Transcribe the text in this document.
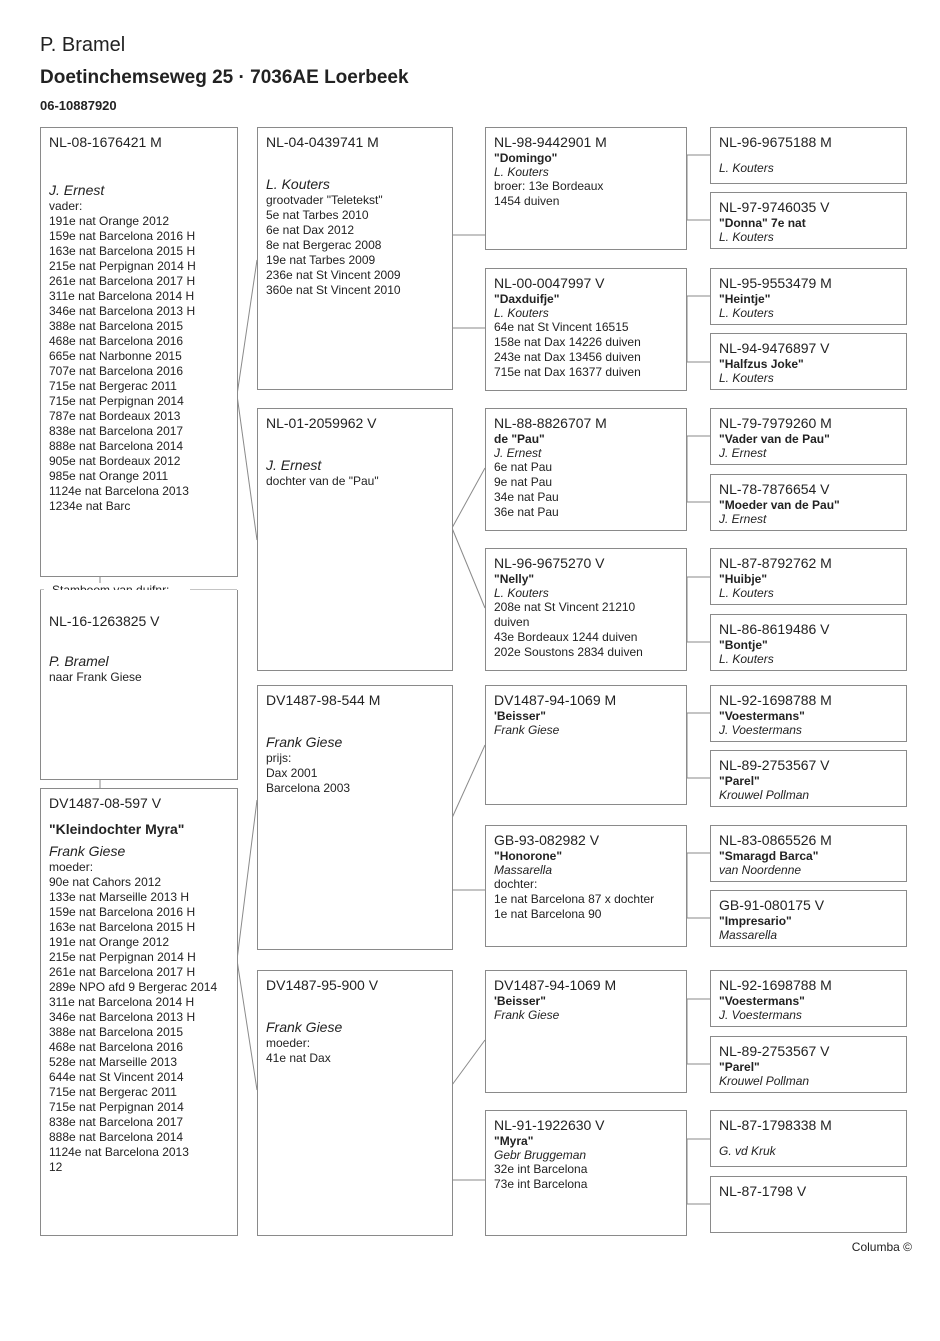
P. Bramel
Doetinchemseweg 25 · 7036AE Loerbeek
06-10887920
NL-08-1676421 M
J. Ernest
vader:
191e nat Orange 2012
159e nat Barcelona 2016 H
163e nat Barcelona 2015 H
215e nat Perpignan 2014 H
261e nat Barcelona 2017 H
311e nat Barcelona 2014 H
346e nat Barcelona 2013 H
388e nat Barcelona 2015
468e nat Barcelona 2016
665e nat Narbonne 2015
707e nat Barcelona 2016
715e nat Bergerac 2011
715e nat Perpignan 2014
787e nat Bordeaux 2013
838e nat Barcelona 2017
888e nat Barcelona 2014
905e nat Bordeaux 2012
985e nat Orange 2011
1124e nat Barcelona 2013
1234e nat Barc
NL-16-1263825 V
P. Bramel
naar Frank Giese
DV1487-08-597 V
"Kleindochter Myra"
Frank Giese
moeder:
90e nat Cahors 2012
133e nat Marseille 2013 H
159e nat Barcelona 2016 H
163e nat Barcelona 2015 H
191e nat Orange 2012
215e nat Perpignan 2014 H
261e nat Barcelona 2017 H
289e NPO afd 9 Bergerac 2014
311e nat Barcelona 2014 H
346e nat Barcelona 2013 H
388e nat Barcelona 2015
468e nat Barcelona 2016
528e nat Marseille 2013
644e nat St Vincent 2014
715e nat Bergerac 2011
715e nat Perpignan 2014
838e nat Barcelona 2017
888e nat Barcelona 2014
1124e nat Barcelona 2013
12
NL-04-0439741 M
L. Kouters
grootvader "Teletekst"
5e nat Tarbes 2010
6e nat Dax 2012
8e nat Bergerac 2008
19e nat Tarbes 2009
236e nat St Vincent 2009
360e nat St Vincent 2010
NL-01-2059962 V
J. Ernest
dochter van de "Pau"
DV1487-98-544 M
Frank Giese
prijs:
Dax 2001
Barcelona 2003
DV1487-95-900 V
Frank Giese
moeder:
41e nat Dax
NL-98-9442901 M
"Domingo"
L. Kouters
broer: 13e Bordeaux
1454 duiven
NL-00-0047997 V
"Daxduifje"
L. Kouters
64e nat St Vincent 16515
158e nat Dax 14226 duiven
243e nat Dax 13456 duiven
715e nat Dax 16377 duiven
NL-88-8826707 M
de "Pau"
J. Ernest
6e nat Pau
9e nat Pau
34e nat Pau
36e nat Pau
NL-96-9675270 V
"Nelly"
L. Kouters
208e nat St Vincent 21210
duiven
43e Bordeaux 1244 duiven
202e Soustons 2834 duiven
DV1487-94-1069 M
'Beisser"
Frank Giese
GB-93-082982 V
"Honorone"
Massarella
dochter:
1e nat Barcelona 87 x dochter
1e nat Barcelona 90
DV1487-94-1069 M
'Beisser"
Frank Giese
NL-91-1922630 V
"Myra"
Gebr Bruggeman
32e int Barcelona
73e int Barcelona
NL-96-9675188 M
L. Kouters
NL-97-9746035 V
"Donna" 7e nat
L. Kouters
NL-95-9553479 M
"Heintje"
L. Kouters
NL-94-9476897 V
"Halfzus Joke"
L. Kouters
NL-79-7979260 M
"Vader van de Pau"
J. Ernest
NL-78-7876654 V
"Moeder van de Pau"
J. Ernest
NL-87-8792762 M
"Huibje"
L. Kouters
NL-86-8619486 V
"Bontje"
L. Kouters
NL-92-1698788 M
"Voestermans"
J. Voestermans
NL-89-2753567 V
"Parel"
Krouwel Pollman
NL-83-0865526 M
"Smaragd Barca"
van Noordenne
GB-91-080175 V
"Impresario"
Massarella
NL-92-1698788 M
"Voestermans"
J. Voestermans
NL-89-2753567 V
"Parel"
Krouwel Pollman
NL-87-1798338 M
G. vd Kruk
NL-87-1798 V
Columba ©
